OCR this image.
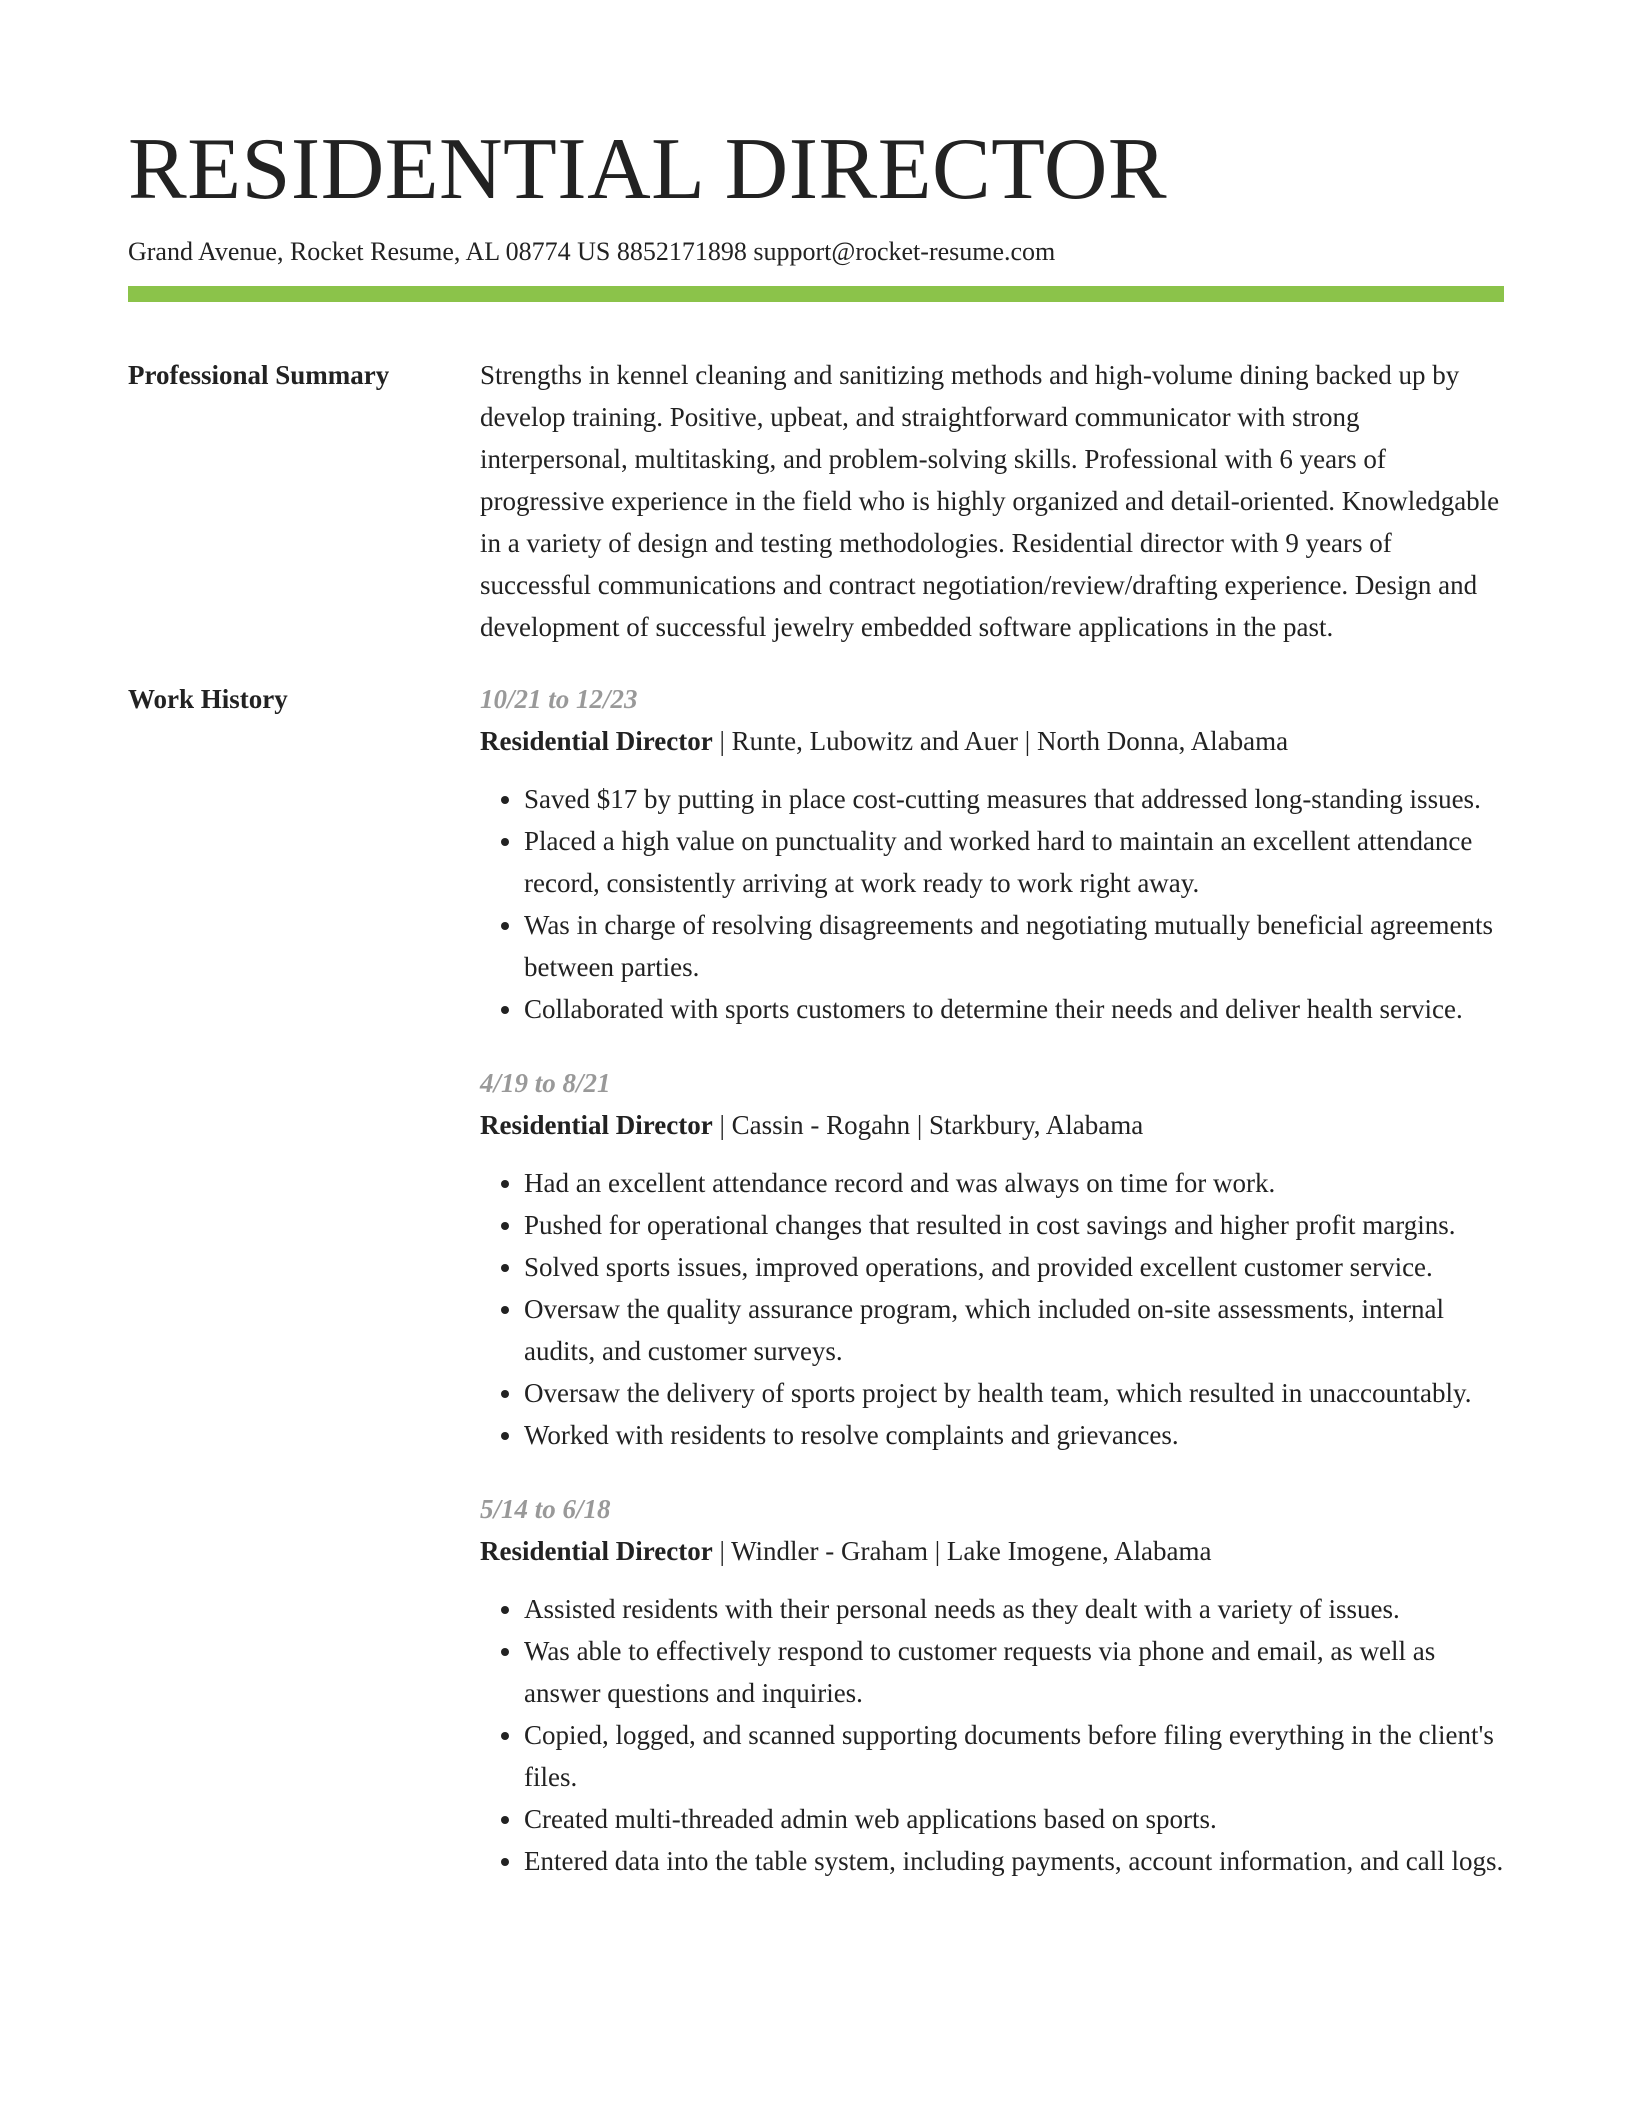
RESIDENTIAL DIRECTOR
Grand Avenue, Rocket Resume, AL 08774 US 8852171898 support@rocket-resume.com
Professional Summary	Strengths in kennel cleaning and sanitizing methods and high-volume dining backed up by develop training. Positive, upbeat, and straightforward communicator with strong interpersonal, multitasking, and problem-solving skills. Professional with 6 years of progressive experience in the field who is highly organized and detail-oriented. Knowledgable in a variety of design and testing methodologies. Residential director with 9 years of successful communications and contract negotiation/review/drafting experience. Design and development of successful jewelry embedded software applications in the past.

Work History	10/21 to 12/23
Residential Director | Runte, Lubowitz and Auer | North Donna, Alabama
• Saved $17 by putting in place cost-cutting measures that addressed long-standing issues.
• Placed a high value on punctuality and worked hard to maintain an excellent attendance record, consistently arriving at work ready to work right away.
• Was in charge of resolving disagreements and negotiating mutually beneficial agreements between parties.
• Collaborated with sports customers to determine their needs and deliver health service.
4/19 to 8/21
Residential Director | Cassin - Rogahn | Starkbury, Alabama
• Had an excellent attendance record and was always on time for work.
• Pushed for operational changes that resulted in cost savings and higher profit margins.
• Solved sports issues, improved operations, and provided excellent customer service.
• Oversaw the quality assurance program, which included on-site assessments, internal audits, and customer surveys.
• Oversaw the delivery of sports project by health team, which resulted in unaccountably.
• Worked with residents to resolve complaints and grievances.
5/14 to 6/18
Residential Director | Windler - Graham | Lake Imogene, Alabama
• Assisted residents with their personal needs as they dealt with a variety of issues.
• Was able to effectively respond to customer requests via phone and email, as well as answer questions and inquiries.
• Copied, logged, and scanned supporting documents before filing everything in the client's files.
• Created multi-threaded admin web applications based on sports.
• Entered data into the table system, including payments, account information, and call logs.
